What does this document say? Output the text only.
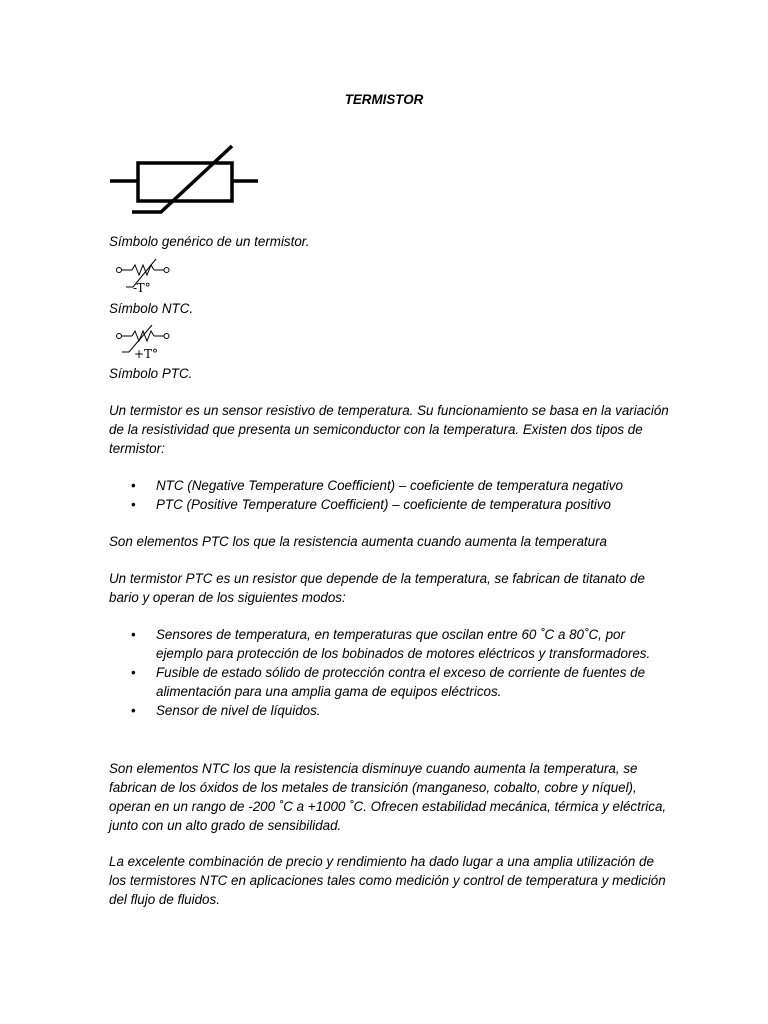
TERMISTOR

Símbolo genérico de un termistor.

-T°

Símbolo NTC.

+T°

Símbolo PTC.

Un termistor es un sensor resistivo de temperatura. Su funcionamiento se basa en la variación de la resistividad que presenta un semiconductor con la temperatura. Existen dos tipos de termistor:

• NTC (Negative Temperature Coefficient) – coeficiente de temperatura negativo
• PTC (Positive Temperature Coefficient) – coeficiente de temperatura positivo

Son elementos PTC los que la resistencia aumenta cuando aumenta la temperatura

Un termistor PTC es un resistor que depende de la temperatura, se fabrican de titanato de bario y operan de los siguientes modos:

• Sensores de temperatura, en temperaturas que oscilan entre 60 ˚C a 80˚C, por ejemplo para protección de los bobinados de motores eléctricos y transformadores.
• Fusible de estado sólido de protección contra el exceso de corriente de fuentes de alimentación para una amplia gama de equipos eléctricos.
• Sensor de nivel de líquidos.

Son elementos NTC los que la resistencia disminuye cuando aumenta la temperatura, se fabrican de los óxidos de los metales de transición (manganeso, cobalto, cobre y níquel), operan en un rango de -200 ˚C a +1000 ˚C. Ofrecen estabilidad mecánica, térmica y eléctrica, junto con un alto grado de sensibilidad.

La excelente combinación de precio y rendimiento ha dado lugar a una amplia utilización de los termistores NTC en aplicaciones tales como medición y control de temperatura y medición del flujo de fluidos.
